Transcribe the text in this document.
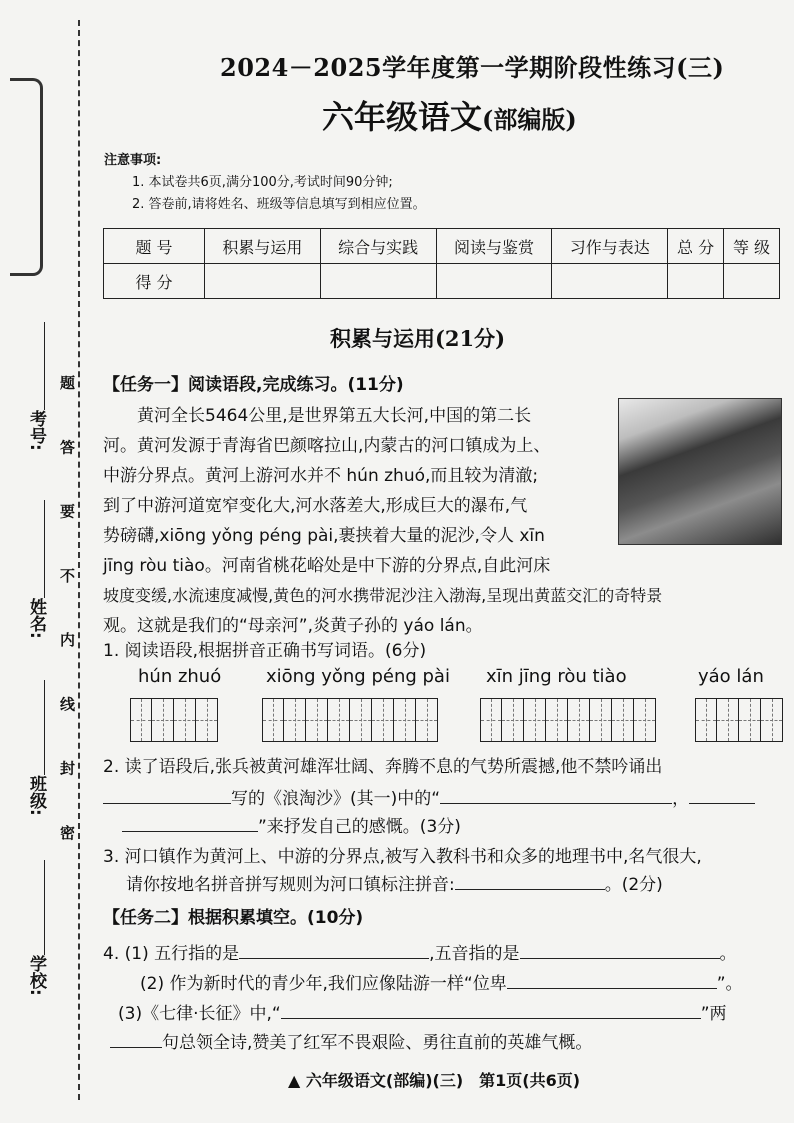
题 答 要 不 内 线 封 密
考号:
姓名:
班级:
学校:
2024－2025学年度第一学期阶段性练习(三)
六年级语文(部编版)
注意事项:
1. 本试卷共6页,满分100分,考试时间90分钟;
2. 答卷前,请将姓名、班级等信息填写到相应位置。
题 号	积累与运用	综合与实践	阅读与鉴赏	习作与表达	总 分	等 级
得 分						
积累与运用(21分)
【任务一】阅读语段,完成练习。(11分)
　　黄河全长5464公里,是世界第五大长河,中国的第二长
河。黄河发源于青海省巴颜喀拉山,内蒙古的河口镇成为上、
中游分界点。黄河上游河水并不 hún zhuó,而且较为清澈;
到了中游河道宽窄变化大,河水落差大,形成巨大的瀑布,气
势磅礴,xiōng yǒng péng pài,裹挟着大量的泥沙,令人 xīn
jīng ròu tiào。河南省桃花峪处是中下游的分界点,自此河床
坡度变缓,水流速度减慢,黄色的河水携带泥沙注入渤海,呈现出黄蓝交汇的奇特景
观。这就是我们的“母亲河”,炎黄子孙的 yáo lán。
1. 阅读语段,根据拼音正确书写词语。(6分)
hún zhuó xiōng yǒng péng pài xīn jīng ròu tiào	yáo lán
2. 读了语段后,张兵被黄河雄浑壮阔、奔腾不息的气势所震撼,他不禁吟诵出
写的《浪淘沙》(其一)中的“	，
”来抒发自己的感慨。(3分)
3. 河口镇作为黄河上、中游的分界点,被写入教科书和众多的地理书中,名气很大,
请你按地名拼音拼写规则为河口镇标注拼音:	。(2分)
【任务二】根据积累填空。(10分)
4. (1) 五行指的是	,五音指的是	。
(2) 作为新时代的青少年,我们应像陆游一样“位卑	”。
(3)《七律·长征》中,“	”两
句总领全诗,赞美了红军不畏艰险、勇往直前的英雄气概。
▲ 六年级语文(部编)(三)　第1页(共6页)
